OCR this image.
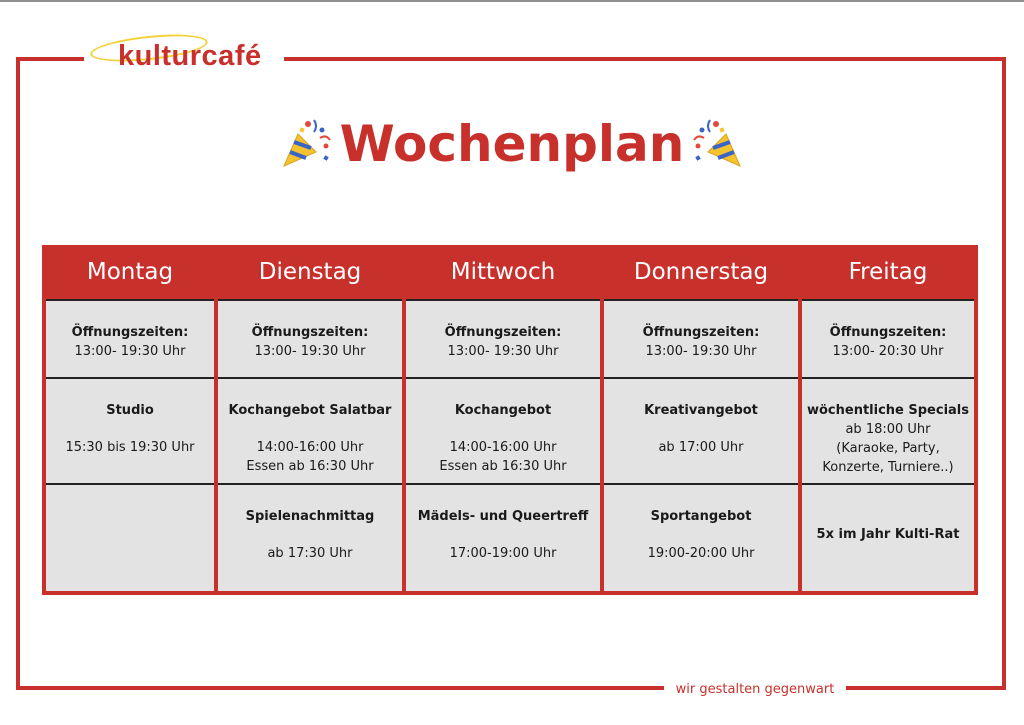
kulturcafé
Wochenplan
Montag
Öffnungszeiten:
13:00- 19:30 Uhr
Studio
15:30 bis 19:30 Uhr
Dienstag
Öffnungszeiten:
13:00- 19:30 Uhr
Kochangebot Salatbar
14:00-16:00 Uhr
Essen ab 16:30 Uhr
Spielenachmittag
ab 17:30 Uhr
Mittwoch
Öffnungszeiten:
13:00- 19:30 Uhr
Kochangebot
14:00-16:00 Uhr
Essen ab 16:30 Uhr
Mädels- und Queertreff
17:00-19:00 Uhr
Donnerstag
Öffnungszeiten:
13:00- 19:30 Uhr
Kreativangebot
ab 17:00 Uhr
Sportangebot
19:00-20:00 Uhr
Freitag
Öffnungszeiten:
13:00- 20:30 Uhr
wöchentliche Specials
ab 18:00 Uhr
(Karaoke, Party,
Konzerte, Turniere..)
5x im Jahr Kulti-Rat
wir gestalten gegenwart
